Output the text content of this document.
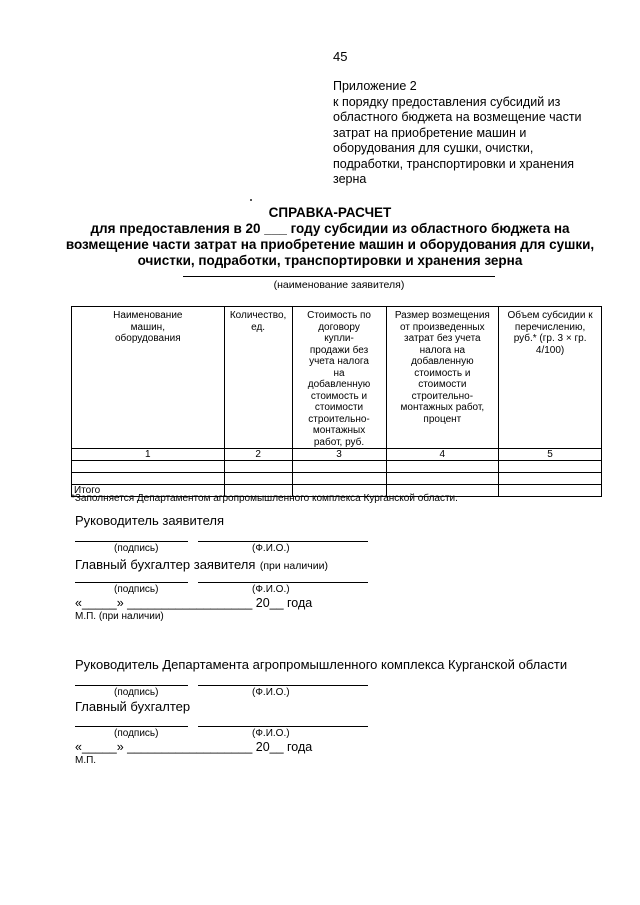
45
Приложение 2
к порядку предоставления субсидий из
областного бюджета на возмещение части
затрат на приобретение машин и
оборудования для сушки, очистки,
подработки, транспортировки и хранения
зерна
СПРАВКА-РАСЧЕТ
для предоставления в 20 ___ году субсидии из областного бюджета на
возмещение части затрат на приобретение машин и оборудования для сушки,
очистки, подработки, транспортировки и хранения зерна
(наименование заявителя)
Наименование машин, оборудования	Количество, ед.	Стоимость по договору купли-продажи без учета налога на добавленную стоимость и стоимости строительно-монтажных работ, руб.	Размер возмещения от произведенных затрат без учета налога на добавленную стоимость и стоимости строительно-монтажных работ, процент	Объем субсидии к перечислению, руб.* (гр. 3 × гр. 4/100)
1	2	3	4	5

Итого				
*Заполняется Департаментом агропромышленного комплекса Курганской области.
Руководитель заявителя
(подпись)	(Ф.И.О.)
Главный бухгалтер заявителя (при наличии)
(подпись)	(Ф.И.О.)
«_____» __________________ 20__ года
М.П. (при наличии)
Руководитель Департамента агропромышленного комплекса Курганской области
(подпись)	(Ф.И.О.)
Главный бухгалтер
(подпись)	(Ф.И.О.)
«_____» __________________ 20__ года
М.П.
